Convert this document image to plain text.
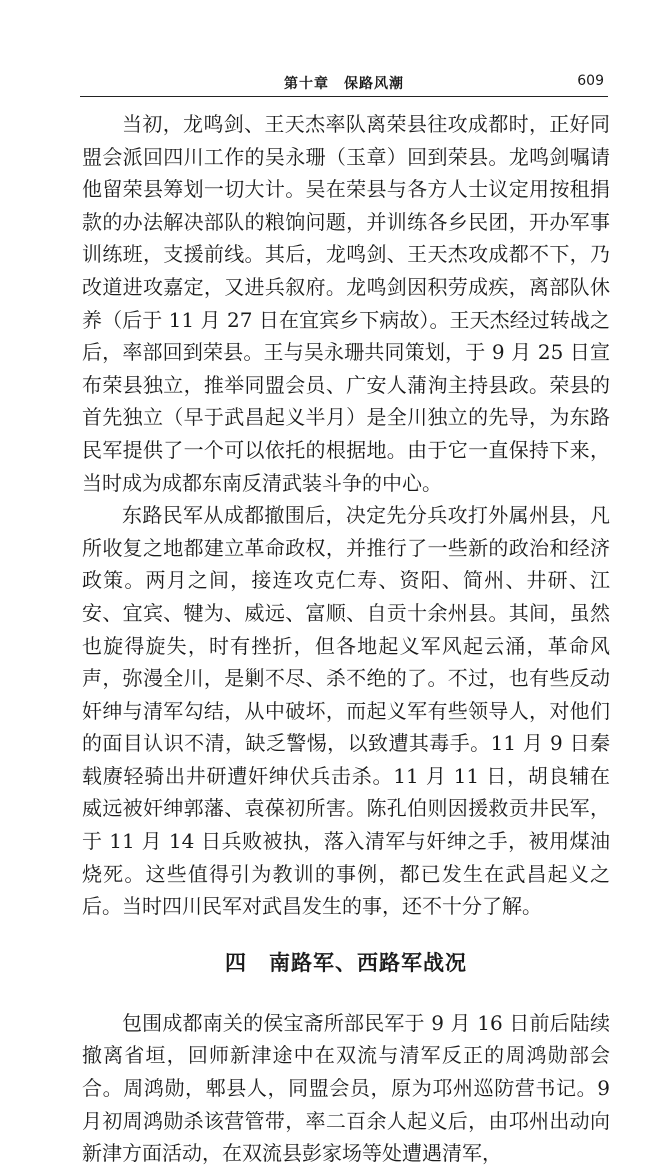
第十章　保路风潮	609

当初，龙鸣剑、王天杰率队离荣县往攻成都时，正好同盟会派回四川工作的吴永珊（玉章）回到荣县。龙鸣剑嘱请他留荣县筹划一切大计。吴在荣县与各方人士议定用按租捐款的办法解决部队的粮饷问题，并训练各乡民团，开办军事训练班，支援前线。其后，龙鸣剑、王天杰攻成都不下，乃改道进攻嘉定，又进兵叙府。龙鸣剑因积劳成疾，离部队休养（后于 11 月 27 日在宜宾乡下病故）。王天杰经过转战之后，率部回到荣县。王与吴永珊共同策划，于 9 月 25 日宣布荣县独立，推举同盟会员、广安人蒲洵主持县政。荣县的首先独立（早于武昌起义半月）是全川独立的先导，为东路民军提供了一个可以依托的根据地。由于它一直保持下来，当时成为成都东南反清武装斗争的中心。

东路民军从成都撤围后，决定先分兵攻打外属州县，凡所收复之地都建立革命政权，并推行了一些新的政治和经济政策。两月之间，接连攻克仁寿、资阳、简州、井研、江安、宜宾、犍为、威远、富顺、自贡十余州县。其间，虽然也旋得旋失，时有挫折，但各地起义军风起云涌，革命风声，弥漫全川，是剿不尽、杀不绝的了。不过，也有些反动奸绅与清军勾结，从中破坏，而起义军有些领导人，对他们的面目认识不清，缺乏警惕，以致遭其毒手。11 月 9 日秦载赓轻骑出井研遭奸绅伏兵击杀。11 月 11 日，胡良辅在威远被奸绅郭藩、袁葆初所害。陈孔伯则因援救贡井民军，于 11 月 14 日兵败被执，落入清军与奸绅之手，被用煤油烧死。这些值得引为教训的事例，都已发生在武昌起义之后。当时四川民军对武昌发生的事，还不十分了解。

四 南路军、西路军战况

包围成都南关的侯宝斋所部民军于 9 月 16 日前后陆续撤离省垣，回师新津途中在双流与清军反正的周鸿勋部会合。周鸿勋，郫县人，同盟会员，原为邛州巡防营书记。9 月初周鸿勋杀该营管带，率二百余人起义后，由邛州出动向新津方面活动，在双流县彭家场等处遭遇清军，
